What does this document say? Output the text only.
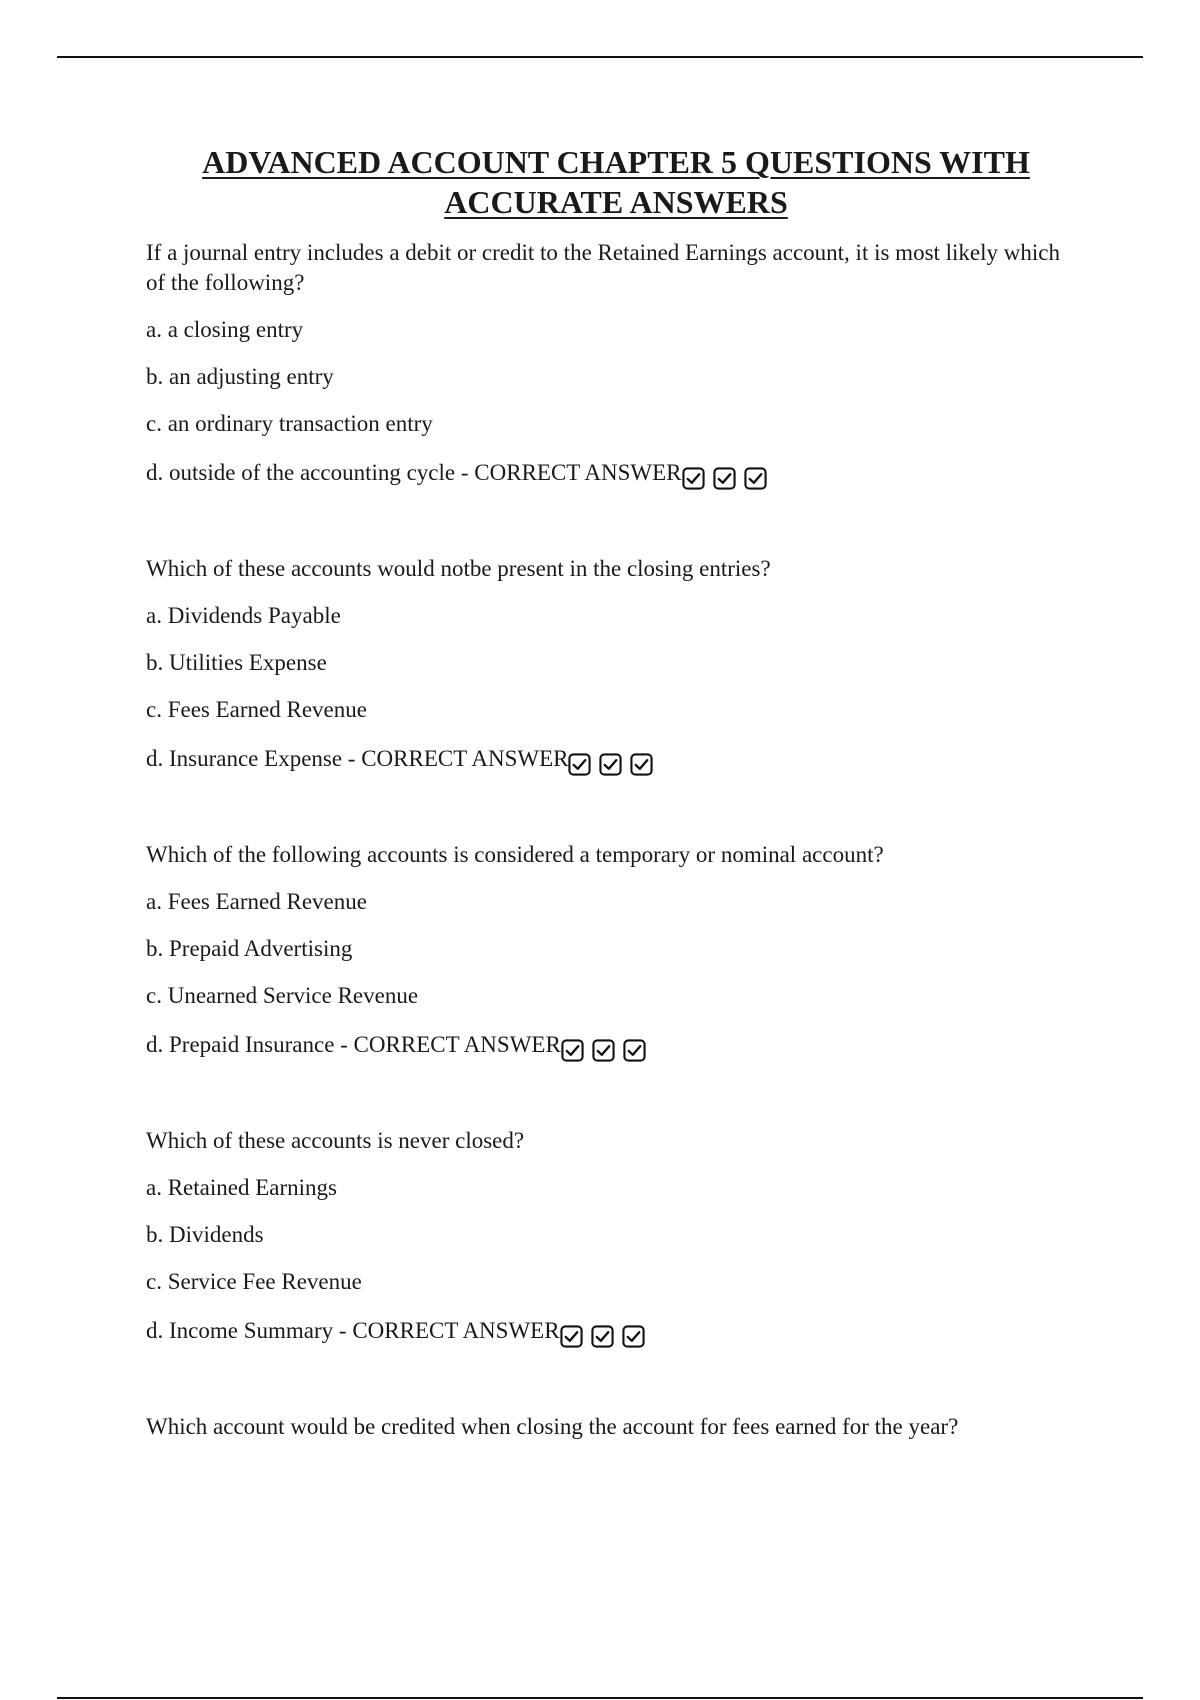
ADVANCED ACCOUNT CHAPTER 5 QUESTIONS WITH
ACCURATE ANSWERS

If a journal entry includes a debit or credit to the Retained Earnings account, it is most likely which of the following?

a. a closing entry

b. an adjusting entry

c. an ordinary transaction entry

d. outside of the accounting cycle - CORRECT ANSWER

Which of these accounts would notbe present in the closing entries?

a. Dividends Payable

b. Utilities Expense

c. Fees Earned Revenue

d. Insurance Expense - CORRECT ANSWER

Which of the following accounts is considered a temporary or nominal account?

a. Fees Earned Revenue

b. Prepaid Advertising

c. Unearned Service Revenue

d. Prepaid Insurance - CORRECT ANSWER

Which of these accounts is never closed?

a. Retained Earnings

b. Dividends

c. Service Fee Revenue

d. Income Summary - CORRECT ANSWER

Which account would be credited when closing the account for fees earned for the year?
